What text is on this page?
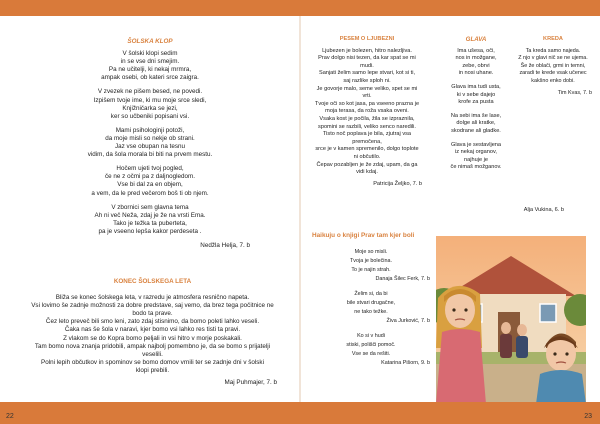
ŠOLSKA KLOP
V šolski klopi sedim
in se vse dni smejim.
Pa ne učitelji, ki nekaj mrmra,
ampak osebi, ob kateri srce zaigra.
V zvezek ne pišem besed, ne povedi.
Izpišem tvoje ime, ki mu moje srce sledi,
Knjižničarka se jezi,
ker so učbeniki popisani vsi.
Mami psihologinji potoži,
da moje misli so nekje ob strani.
Jaz vse obupan na tesnu
vidim, da šola moralа bi biti na prvem mestu.
Hočem ujeti tvoj pogled,
če ne z očmi pa z daljnogledom.
Vse bi dal za en objem,
a vem, da le pred večerom boš ti ob njem.
V zbornici sem glavna tema
Ah ni več Neža, zdaj je že na vrsti Ema.
Tako je težka ta puberteta,
pa je vseeno lepša kakor perdeseta .
Nedžla Helja, 7. b
KONEC ŠOLSKEGA LETA
Bliža se konec šolskega leta, v razredu je atmosfera resnično napeta.
Vsi lovimo še zadnje možnosti za dobre predstave, saj vemo, da brez tega počitnice ne
bodo ta prave.
Čez leto preveč bili smo leni, zato zdaj stisnimo, da bomo poleti lahko veseli.
Čaka nas še šola v naravi, kjer bomo vsi lahko res tisti ta pravi.
Z vlakom se do Kopra bomo peljali in vsi hitro v morje poskakali.
Tam bomo nova znanja pridobili, ampak najbolj pomembno je, da se bomo s prijatelji
veselili.
Polni lepih občutkov in spominov se bomo domov vrnili ter se zadnje dni v šolski
klopi prebili.
Maj Puhmajer, 7. b
PESEM O LJUBEZNI
Ljubezen je bolezen, hitro nalezljiva.
Prav dolgo nisi tezen, da kar spat se mi
mudi.
Sanjati želim samo lepe stvari, kot si ti,
saj razlike sploh ni.
Je govorje malo, seme veliko, spet se mi
vrti.
Tvoje oči so kot jasa, pa vseeno prazna je
moja terasa, da roža vsaka oveni.
Vsaka kost je počila, žila se izpraznila,
spomini se razbili, veliko senco naredili.
Tisto noč poplava je bila, zjutraj vsa
premočena,
srce je v kamen spremenilo, dolgo toplote
ni občutilo.
Čepav pozabljen je že zdaj, upam, da ga
vidi kdaj.
Patricija Željko, 7. b
GLAVA
Ima ušesa, oči,
nos in možgane,
zebe, obrvi
in nosi uhane.
Glava ima tudi usta,
ki v sebe dajejo
krofe za pusta
Na sebi ima še lase,
dolge ali kratke,
skodrane ali gladke.
Glava je sestavljena
iz nekaj organov,
najhuje je
če nimaš možganov.
Alja Vukina, 6. b
KREDA
Ta kreda samo najeda.
Z njo v glavi nič se ne ujema.
Še že oblači, grmi in temni,
zaradi te krede vsak učenec
kakšno enko dobi.
Tim Kvas, 7. b
Haikuju o knjigi Prav tam kjer boli
Moje so misli.
Tvoja je bolečina.
To je najin strah.
Danaja Šilec Ferk, 7. b
Želim si, da bi
bile stvari drugačne,
ne tako težke.
Živa Jurković, 7. b
Ko si v hudi
stiski, polišči pomoč.
Vse se da rešiti.
Katarina Pišorn, 9. b
22	23
